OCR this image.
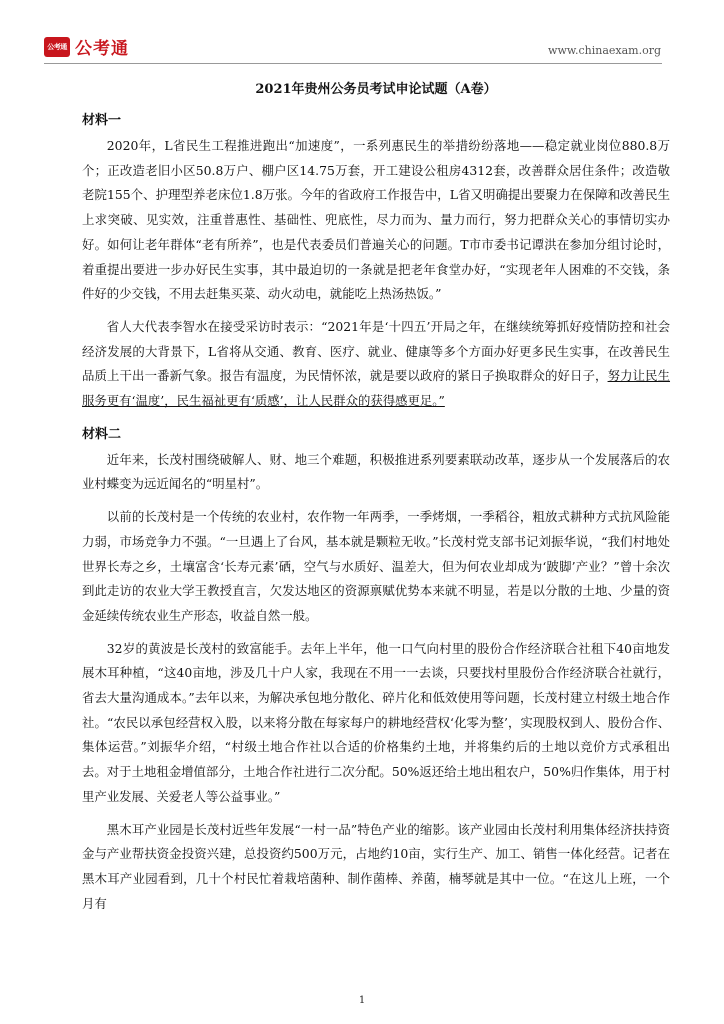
公考通 公考通	www.chinaexam.org
2021年贵州公务员考试申论试题（A卷）
材料一

2020年，L省民生工程推进跑出“加速度”，一系列惠民生的举措纷纷落地——稳定就业岗位880.8万个；正改造老旧小区50.8万户、棚户区14.75万套，开工建设公租房4312套，改善群众居住条件；改造敬老院155个、护理型养老床位1.8万张。今年的省政府工作报告中，L省又明确提出要聚力在保障和改善民生上求突破、见实效，注重普惠性、基础性、兜底性，尽力而为、量力而行，努力把群众关心的事情切实办好。如何让老年群体“老有所养”，也是代表委员们普遍关心的问题。T市市委书记谭洪在参加分组讨论时，着重提出要进一步办好民生实事，其中最迫切的一条就是把老年食堂办好，“实现老年人困难的不交钱，条件好的少交钱，不用去赶集买菜、动火动电，就能吃上热汤热饭。”

省人大代表李智水在接受采访时表示：“2021年是‘十四五’开局之年，在继续统筹抓好疫情防控和社会经济发展的大背景下，L省将从交通、教育、医疗、就业、健康等多个方面办好更多民生实事，在改善民生品质上干出一番新气象。报告有温度，为民情怀浓，就是要以政府的紧日子换取群众的好日子，努力让民生服务更有‘温度’，民生福祉更有‘质感’，让人民群众的获得感更足。”

材料二

近年来，长茂村围绕破解人、财、地三个难题，积极推进系列要素联动改革，逐步从一个发展落后的农业村蝶变为远近闻名的“明星村”。

以前的长茂村是一个传统的农业村，农作物一年两季，一季烤烟，一季稻谷，粗放式耕种方式抗风险能力弱，市场竞争力不强。“一旦遇上了台风，基本就是颗粒无收。”长茂村党支部书记刘振华说，“我们村地处世界长寿之乡，土壤富含‘长寿元素’硒，空气与水质好、温差大，但为何农业却成为‘跛脚’产业？”曾十余次到此走访的农业大学王教授直言，欠发达地区的资源禀赋优势本来就不明显，若是以分散的土地、少量的资金延续传统农业生产形态，收益自然一般。

32岁的黄波是长茂村的致富能手。去年上半年，他一口气向村里的股份合作经济联合社租下40亩地发展木耳种植，“这40亩地，涉及几十户人家，我现在不用一一去谈，只要找村里股份合作经济联合社就行，省去大量沟通成本。”去年以来，为解决承包地分散化、碎片化和低效使用等问题，长茂村建立村级土地合作社。“农民以承包经营权入股，以来将分散在每家每户的耕地经营权‘化零为整’，实现股权到人、股份合作、集体运营。”刘振华介绍，“村级土地合作社以合适的价格集约土地，并将集约后的土地以竞价方式承租出去。对于土地租金增值部分，土地合作社进行二次分配。50%返还给土地出租农户，50%归作集体，用于村里产业发展、关爱老人等公益事业。”

黑木耳产业园是长茂村近些年发展“一村一品”特色产业的缩影。该产业园由长茂村利用集体经济扶持资金与产业帮扶资金投资兴建，总投资约500万元，占地约10亩，实行生产、加工、销售一体化经营。记者在黑木耳产业园看到，几十个村民忙着栽培菌种、制作菌棒、养菌，楠琴就是其中一位。“在这儿上班，一个月有

1
